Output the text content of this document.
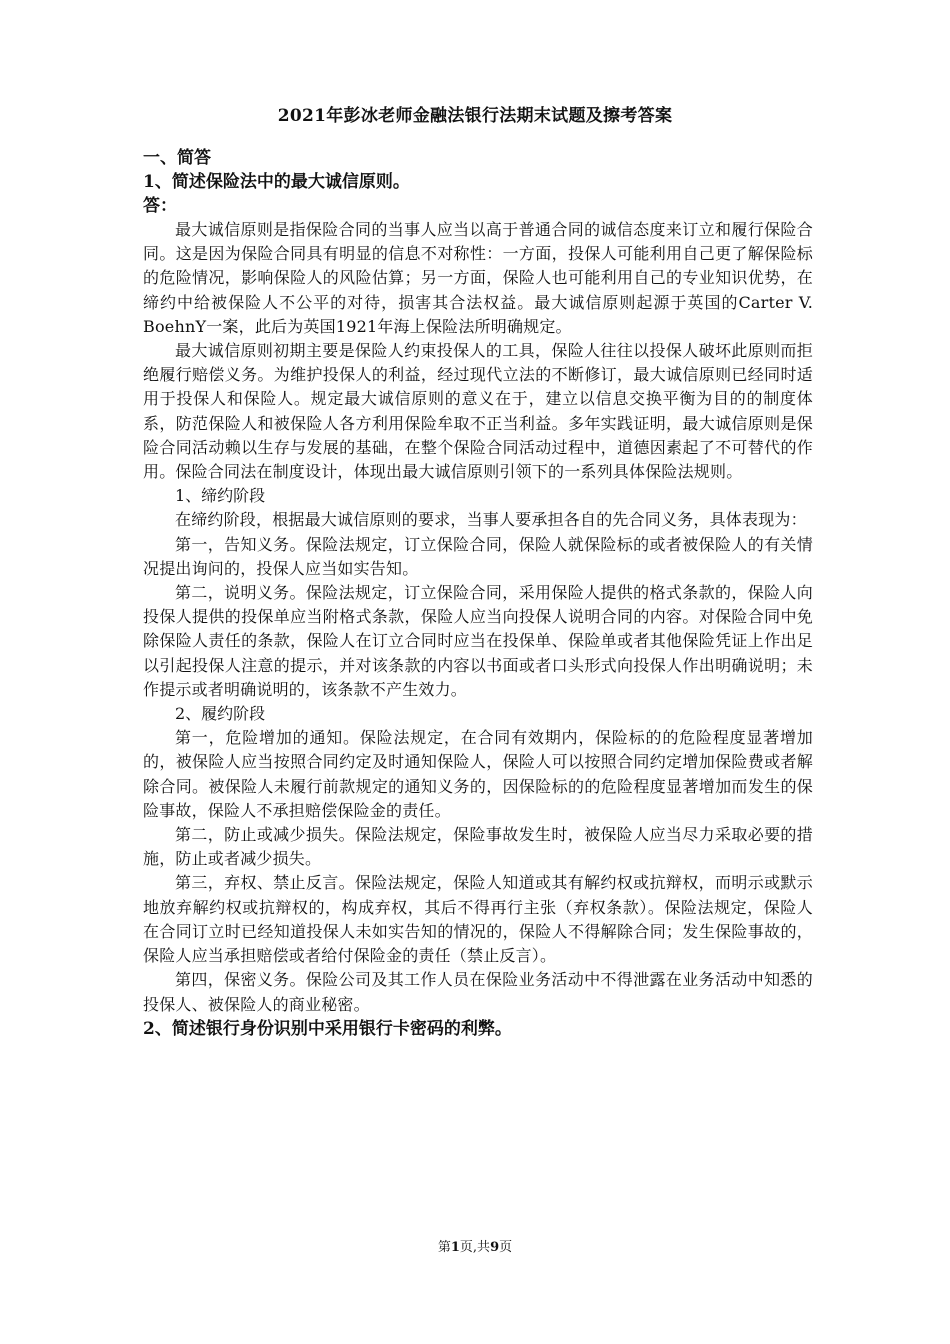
2021年彭冰老师金融法银行法期末试题及擦考答案
一、简答
1、简述保险法中的最大诚信原则。
答：

最大诚信原则是指保险合同的当事人应当以高于普通合同的诚信态度来订立和履行保险合同。这是因为保险合同具有明显的信息不对称性：一方面，投保人可能利用自己更了解保险标的危险情况，影响保险人的风险估算；另一方面，保险人也可能利用自己的专业知识优势，在缔约中给被保险人不公平的对待，损害其合法权益。最大诚信原则起源于英国的Carter V. BoehnY一案，此后为英国1921年海上保险法所明确规定。

最大诚信原则初期主要是保险人约束投保人的工具，保险人往往以投保人破坏此原则而拒绝履行赔偿义务。为维护投保人的利益，经过现代立法的不断修订，最大诚信原则已经同时适用于投保人和保险人。规定最大诚信原则的意义在于，建立以信息交换平衡为目的的制度体系，防范保险人和被保险人各方利用保险牟取不正当利益。多年实践证明，最大诚信原则是保险合同活动赖以生存与发展的基础，在整个保险合同活动过程中，道德因素起了不可替代的作用。保险合同法在制度设计，体现出最大诚信原则引领下的一系列具体保险法规则。

1、缔约阶段

在缔约阶段，根据最大诚信原则的要求，当事人要承担各自的先合同义务，具体表现为：

第一，告知义务。保险法规定，订立保险合同，保险人就保险标的或者被保险人的有关情况提出询问的，投保人应当如实告知。

第二，说明义务。保险法规定，订立保险合同，采用保险人提供的格式条款的，保险人向投保人提供的投保单应当附格式条款，保险人应当向投保人说明合同的内容。对保险合同中免除保险人责任的条款，保险人在订立合同时应当在投保单、保险单或者其他保险凭证上作出足以引起投保人注意的提示，并对该条款的内容以书面或者口头形式向投保人作出明确说明；未作提示或者明确说明的，该条款不产生效力。

2、履约阶段

第一，危险增加的通知。保险法规定，在合同有效期内，保险标的的危险程度显著增加的，被保险人应当按照合同约定及时通知保险人，保险人可以按照合同约定增加保险费或者解除合同。被保险人未履行前款规定的通知义务的，因保险标的的危险程度显著增加而发生的保险事故，保险人不承担赔偿保险金的责任。

第二，防止或减少损失。保险法规定，保险事故发生时，被保险人应当尽力采取必要的措施，防止或者减少损失。

第三，弃权、禁止反言。保险法规定，保险人知道或其有解约权或抗辩权，而明示或默示地放弃解约权或抗辩权的，构成弃权，其后不得再行主张（弃权条款）。保险法规定，保险人在合同订立时已经知道投保人未如实告知的情况的，保险人不得解除合同；发生保险事故的，保险人应当承担赔偿或者给付保险金的责任（禁止反言）。

第四，保密义务。保险公司及其工作人员在保险业务活动中不得泄露在业务活动中知悉的投保人、被保险人的商业秘密。

2、简述银行身份识别中采用银行卡密码的利弊。
第1页,共9页
